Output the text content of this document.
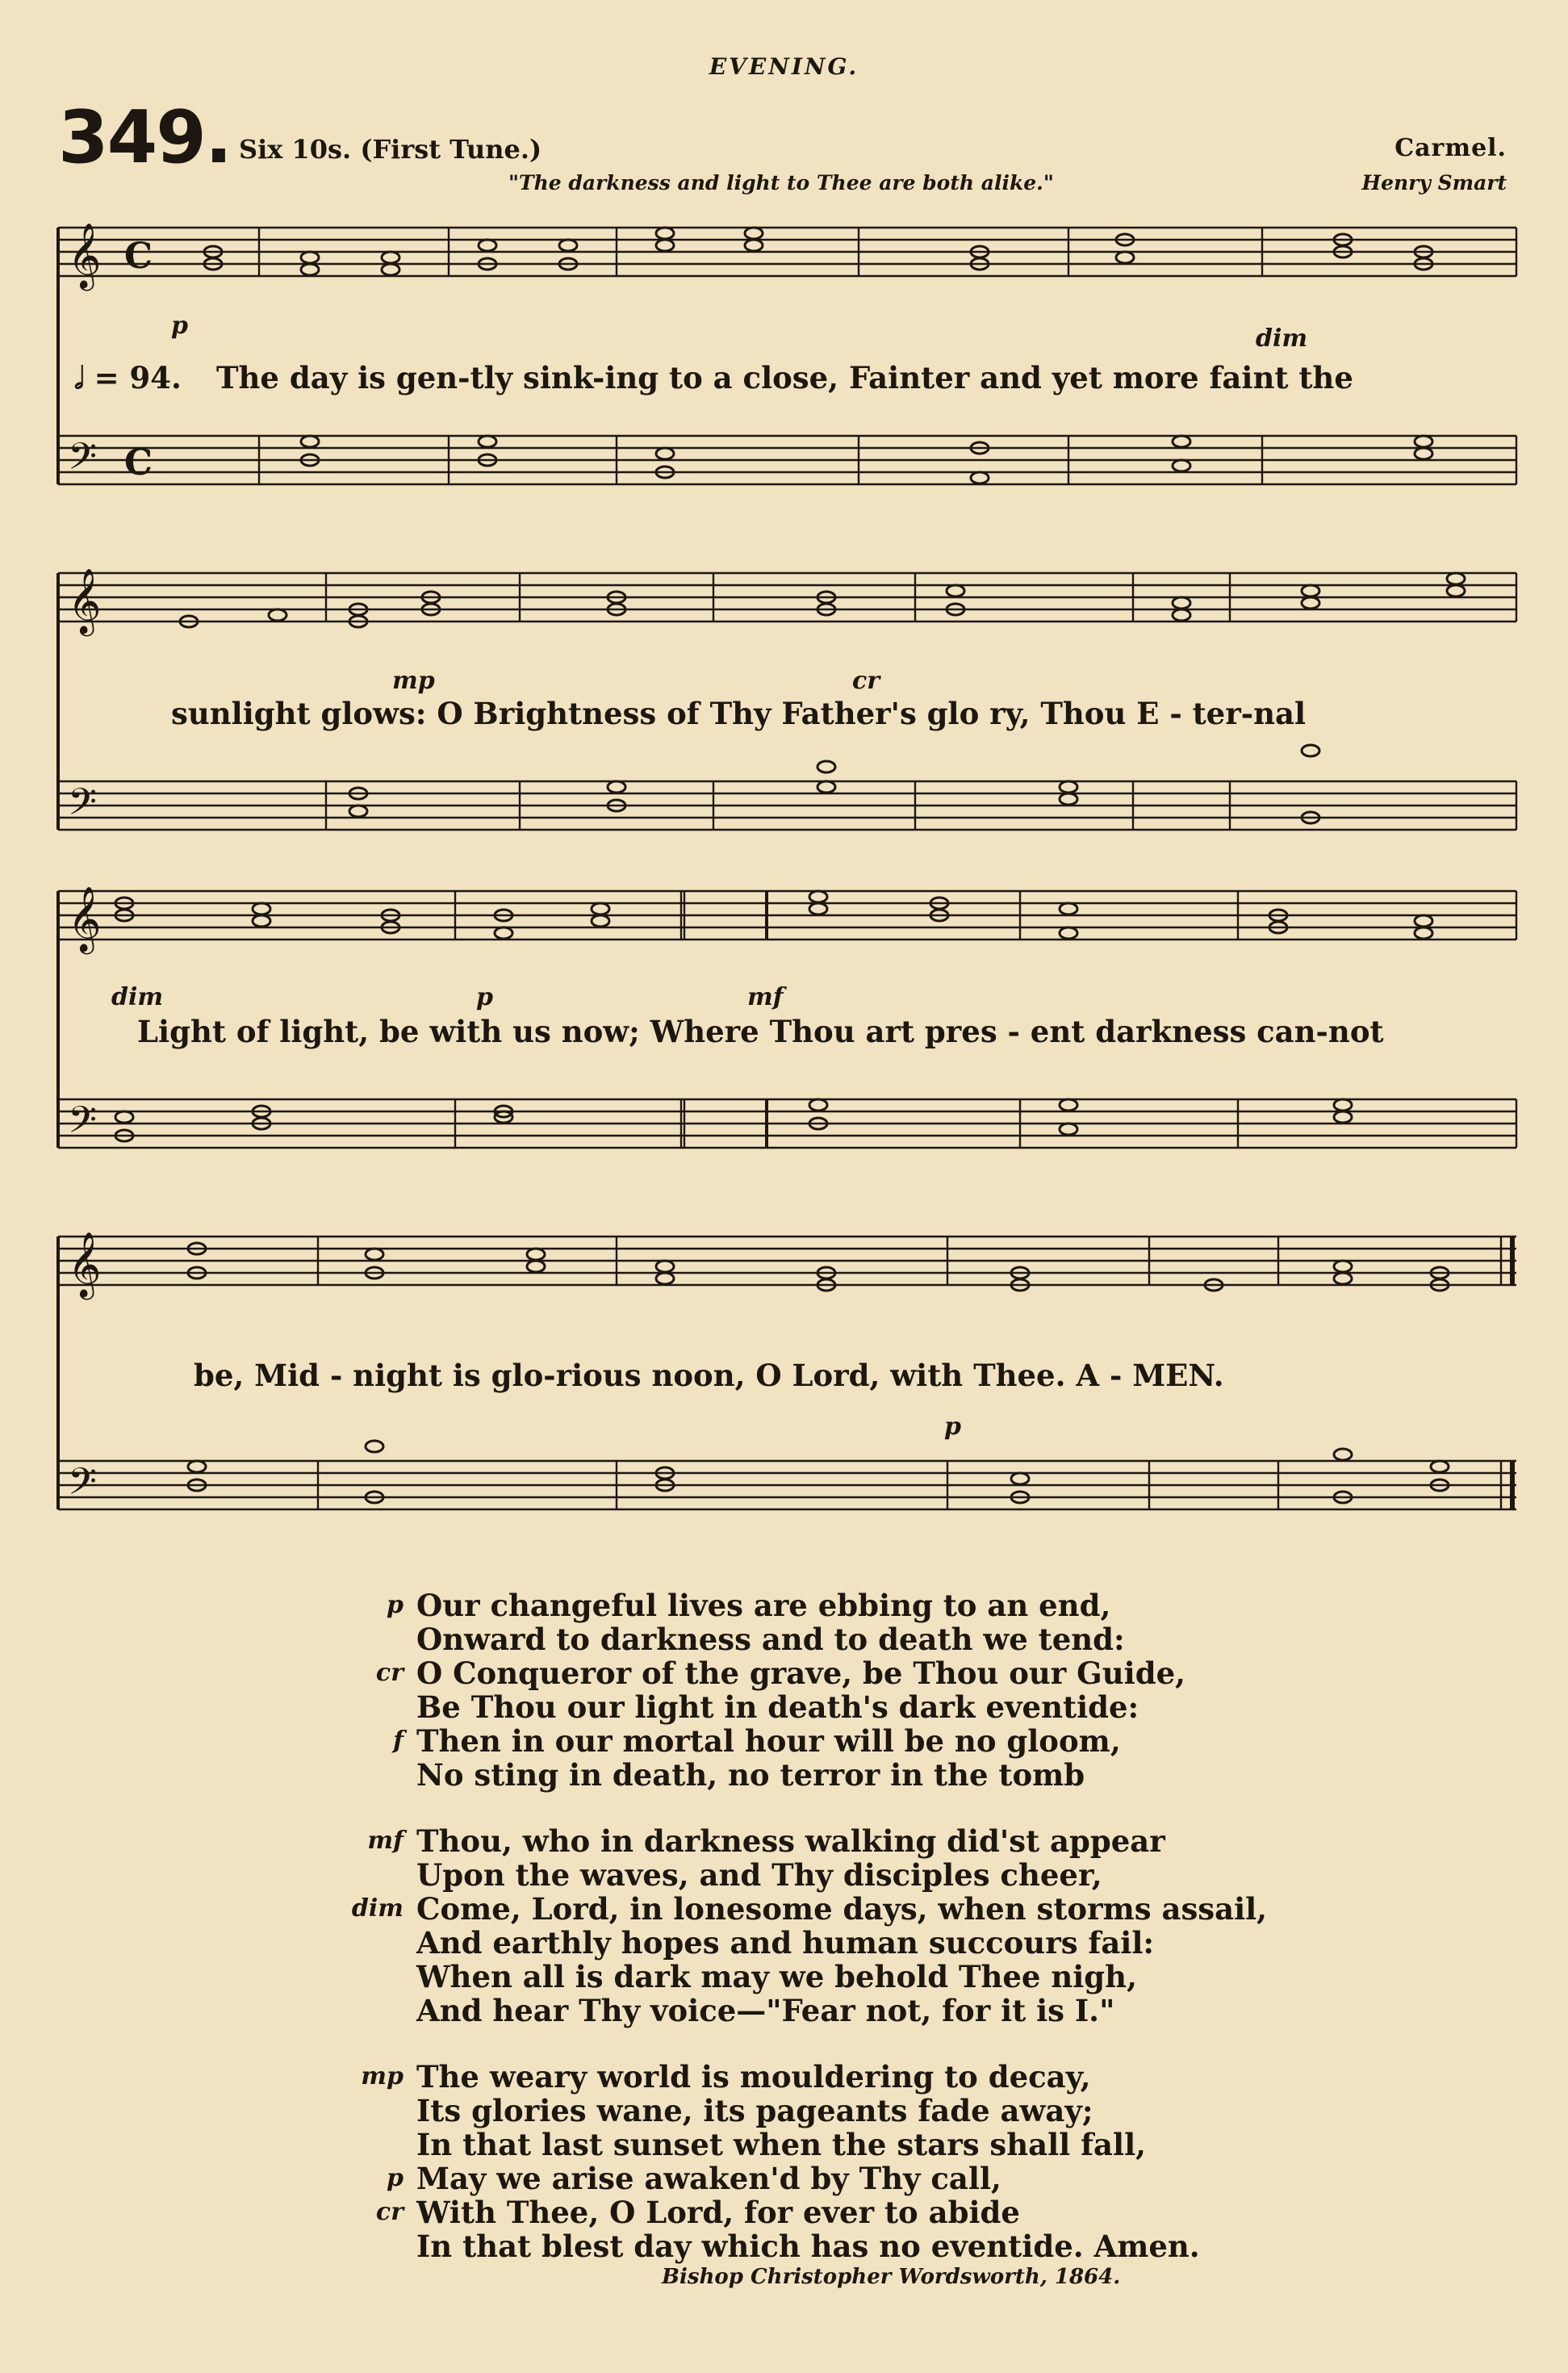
EVENING.
349. Six 10s. (First Tune.)	Carmel.
"The darkness and light to Thee are both alike."	Henry Smart
𝄞
𝄢
C
C
p	dim
𝅗𝅥 = 94. The day is gen-tly sink-ing to a close, Fainter and yet more faint the
𝄞
𝄢
mp	cr
sunlight glows: O Brightness of Thy Father's glo ry, Thou E - ter-nal
𝄞
𝄢
dim	p	mf
Light of light, be with us now; Where Thou art pres - ent darkness can-not
𝄞
𝄢
p
be, Mid - night is glo-rious noon, O Lord, with Thee. A - MEN.
p Our changeful lives are ebbing to an end,
Onward to darkness and to death we tend:
cr O Conqueror of the grave, be Thou our Guide,
Be Thou our light in death's dark eventide:
f Then in our mortal hour will be no gloom,
No sting in death, no terror in the tomb
mf Thou, who in darkness walking did'st appear
Upon the waves, and Thy disciples cheer,
dim Come, Lord, in lonesome days, when storms assail,
And earthly hopes and human succours fail:
When all is dark may we behold Thee nigh,
And hear Thy voice—"Fear not, for it is I."
mp The weary world is mouldering to decay,
Its glories wane, its pageants fade away;
In that last sunset when the stars shall fall,
p May we arise awaken'd by Thy call,
cr With Thee, O Lord, for ever to abide
In that blest day which has no eventide. Amen.
Bishop Christopher Wordsworth, 1864.
